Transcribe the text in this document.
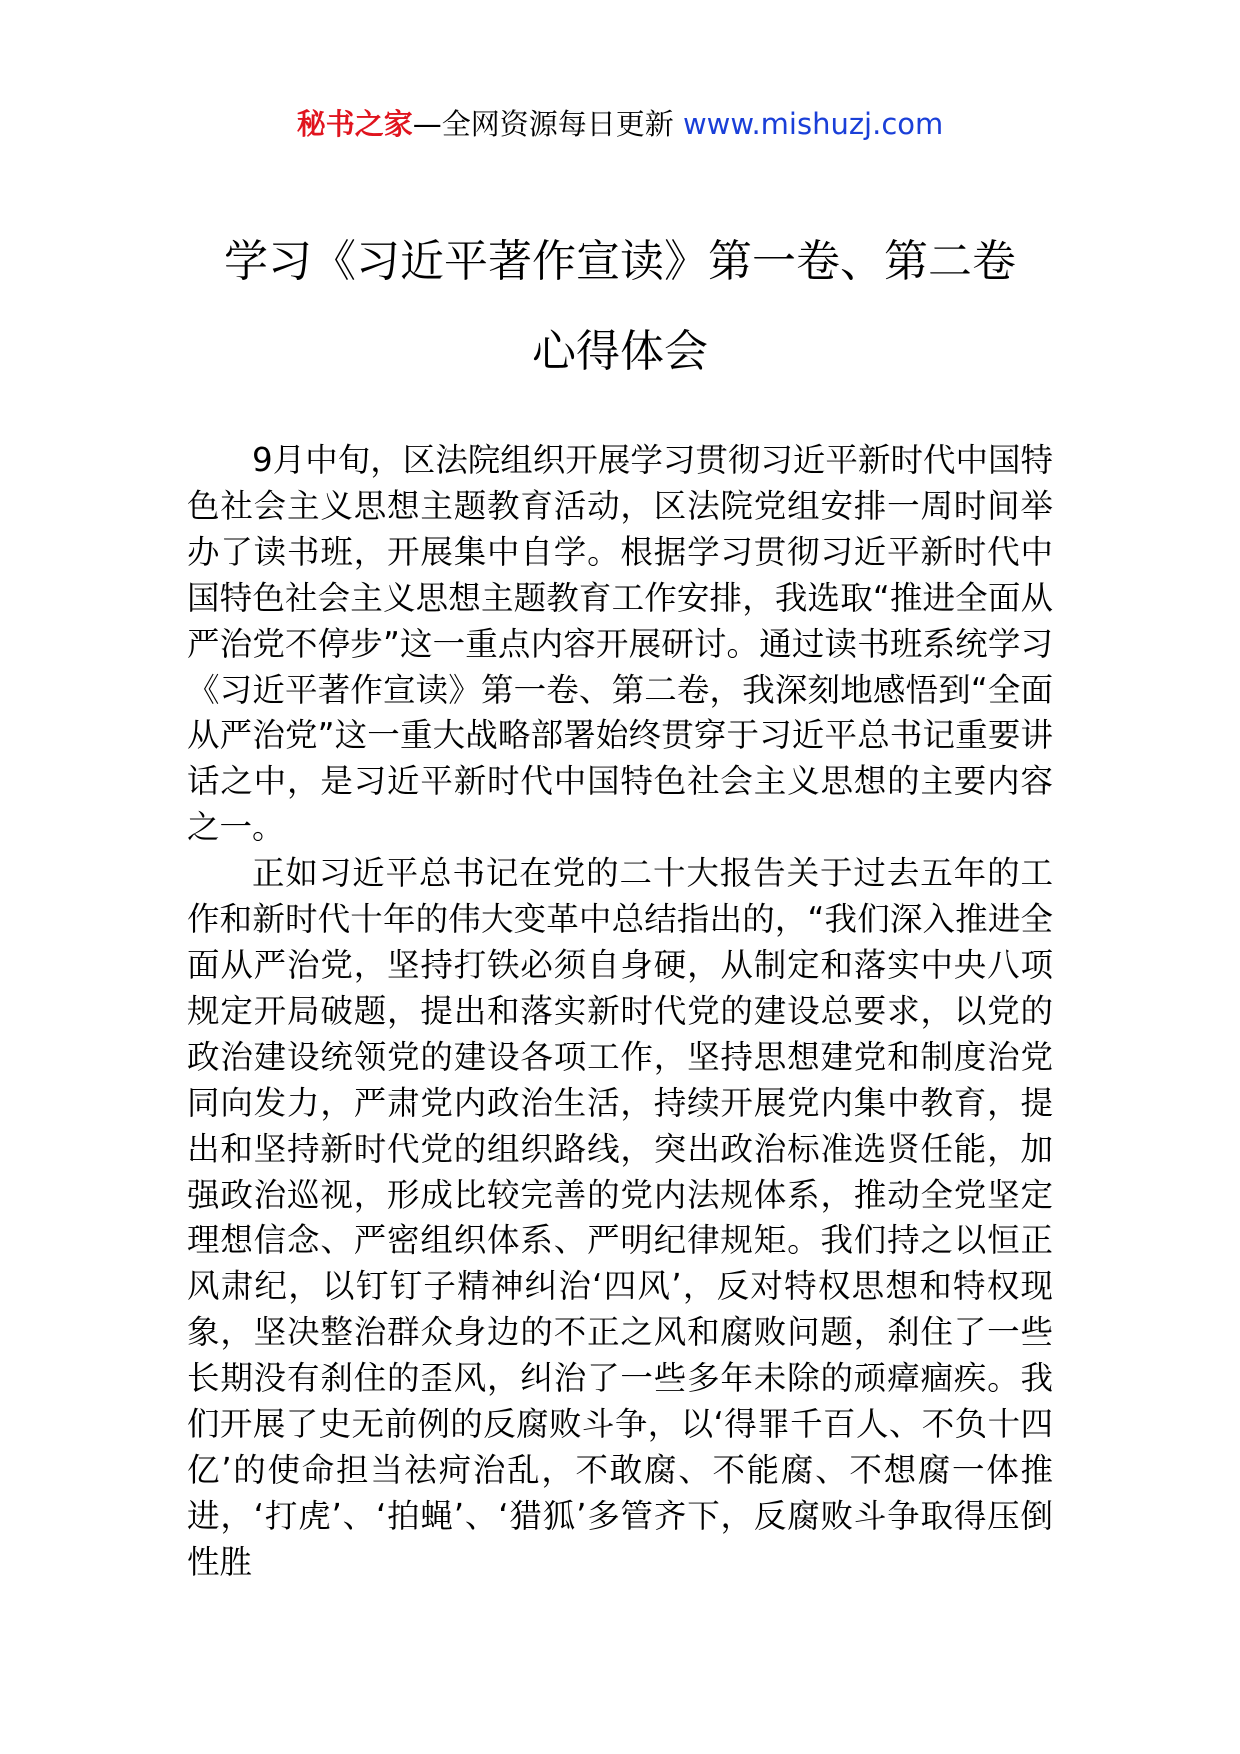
秘书之家—全网资源每日更新 www.mishuzj.com
学习《习近平著作宣读》第一卷、第二卷
心得体会

9月中旬，区法院组织开展学习贯彻习近平新时代中国特色社会主义思想主题教育活动，区法院党组安排一周时间举办了读书班，开展集中自学。根据学习贯彻习近平新时代中国特色社会主义思想主题教育工作安排，我选取“推进全面从严治党不停步”这一重点内容开展研讨。通过读书班系统学习《习近平著作宣读》第一卷、第二卷，我深刻地感悟到“全面从严治党”这一重大战略部署始终贯穿于习近平总书记重要讲话之中，是习近平新时代中国特色社会主义思想的主要内容之一。

正如习近平总书记在党的二十大报告关于过去五年的工作和新时代十年的伟大变革中总结指出的，“我们深入推进全面从严治党，坚持打铁必须自身硬，从制定和落实中央八项规定开局破题，提出和落实新时代党的建设总要求，以党的政治建设统领党的建设各项工作，坚持思想建党和制度治党同向发力，严肃党内政治生活，持续开展党内集中教育，提出和坚持新时代党的组织路线，突出政治标准选贤任能，加强政治巡视，形成比较完善的党内法规体系，推动全党坚定理想信念、严密组织体系、严明纪律规矩。我们持之以恒正风肃纪，以钉钉子精神纠治‘四风’，反对特权思想和特权现象，坚决整治群众身边的不正之风和腐败问题，刹住了一些长期没有刹住的歪风，纠治了一些多年未除的顽瘴痼疾。我们开展了史无前例的反腐败斗争，以‘得罪千百人、不负十四亿’的使命担当祛疴治乱，不敢腐、不能腐、不想腐一体推进，‘打虎’、‘拍蝇’、‘猎狐’多管齐下，反腐败斗争取得压倒性胜
